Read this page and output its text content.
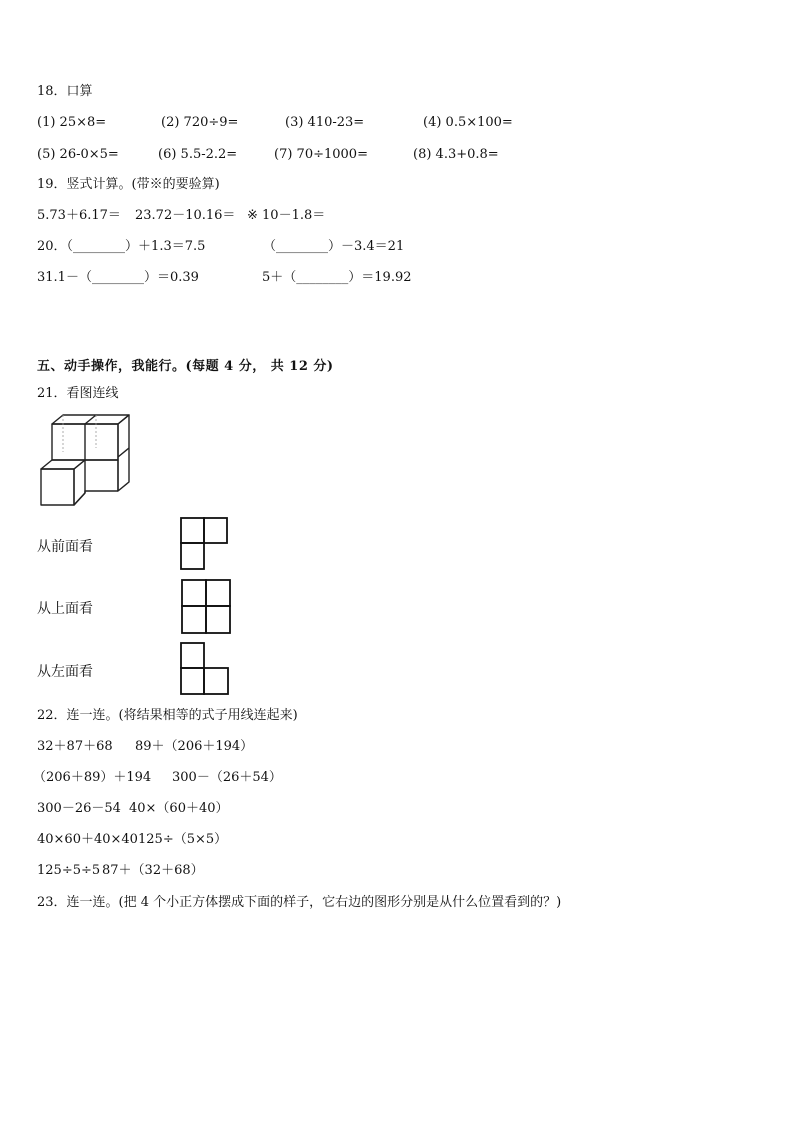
18．口算
(1) 25×8=	(2) 720÷9=	(3) 410-23=	(4) 0.5×100=
(5) 26-0×5=	(6) 5.5-2.2=	(7) 70÷1000=	(8) 4.3+0.8=
19．竖式计算。(带※的要验算)
5.73＋6.17＝ 23.72－10.16＝ ※ 10－1.8＝
20．（________）＋1.3＝7.5	（________）－3.4＝21
31.1－（________）＝0.39	5＋（________）＝19.92
五、动手操作，我能行。(每题 4 分， 共 12 分)
21．看图连线
从前面看
从上面看
从左面看
22．连一连。(将结果相等的式子用线连起来)
32＋87＋68 89＋（206＋194）
（206＋89）＋194 300－（26＋54）
300－26－54 40×（60＋40）
40×60＋40×40 125÷（5×5）
125÷5÷5 87＋（32＋68）
23．连一连。(把 4 个小正方体摆成下面的样子，它右边的图形分别是从什么位置看到的？)
